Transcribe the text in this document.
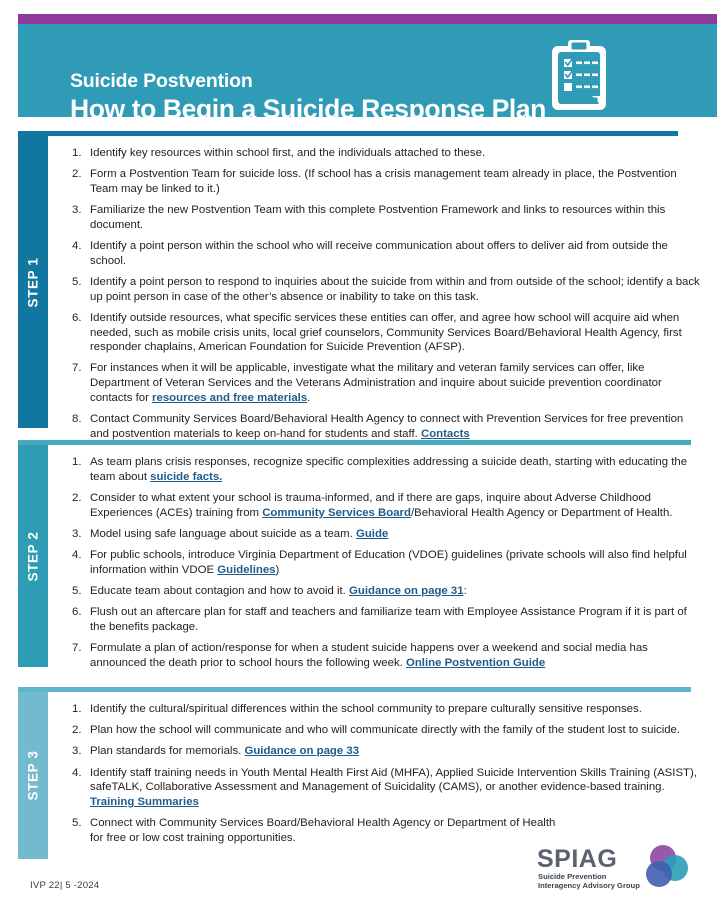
Suicide Postvention
How to Begin a Suicide Response Plan
STEP 1
1. Identify key resources within school first, and the individuals attached to these.
2. Form a Postvention Team for suicide loss. (If school has a crisis management team already in place, the Postvention Team may be linked to it.)
3. Familiarize the new Postvention Team with this complete Postvention Framework and links to resources within this document.
4. Identify a point person within the school who will receive communication about offers to deliver aid from outside the school.
5. Identify a point person to respond to inquiries about the suicide from within and from outside of the school; identify a back up point person in case of the other’s absence or inability to take on this task.
6. Identify outside resources, what specific services these entities can offer, and agree how school will acquire aid when needed, such as mobile crisis units, local grief counselors, Community Services Board/Behavioral Health Agency, first responder chaplains, American Foundation for Suicide Prevention (AFSP).
7. For instances when it will be applicable, investigate what the military and veteran family services can offer, like Department of Veteran Services and the Veterans Administration and inquire about suicide prevention coordinator contacts for resources and free materials.
8. Contact Community Services Board/Behavioral Health Agency to connect with Prevention Services for free prevention and postvention materials to keep on-hand for students and staff. Contacts
STEP 2
1. As team plans crisis responses, recognize specific complexities addressing a suicide death, starting with educating the team about suicide facts.
2. Consider to what extent your school is trauma-informed, and if there are gaps, inquire about Adverse Childhood Experiences (ACEs) training from Community Services Board/Behavioral Health Agency or Department of Health.
3. Model using safe language about suicide as a team. Guide
4. For public schools, introduce Virginia Department of Education (VDOE) guidelines (private schools will also find helpful information within VDOE Guidelines)
5. Educate team about contagion and how to avoid it. Guidance on page 31:
6. Flush out an aftercare plan for staff and teachers and familiarize team with Employee Assistance Program if it is part of the benefits package.
7. Formulate a plan of action/response for when a student suicide happens over a weekend and social media has announced the death prior to school hours the following week. Online Postvention Guide
STEP 3
1. Identify the cultural/spiritual differences within the school community to prepare culturally sensitive responses.
2. Plan how the school will communicate and who will communicate directly with the family of the student lost to suicide.
3. Plan standards for memorials. Guidance on page 33
4. Identify staff training needs in Youth Mental Health First Aid (MHFA), Applied Suicide Intervention Skills Training (ASIST), safeTALK, Collaborative Assessment and Management of Suicidality (CAMS), or another evidence-based training. Training Summaries
5. Connect with Community Services Board/Behavioral Health Agency or Department of Health
for free or low cost training opportunities.
IVP 22| 5 -2024
SPIAG
Suicide Prevention
Interagency Advisory Group
